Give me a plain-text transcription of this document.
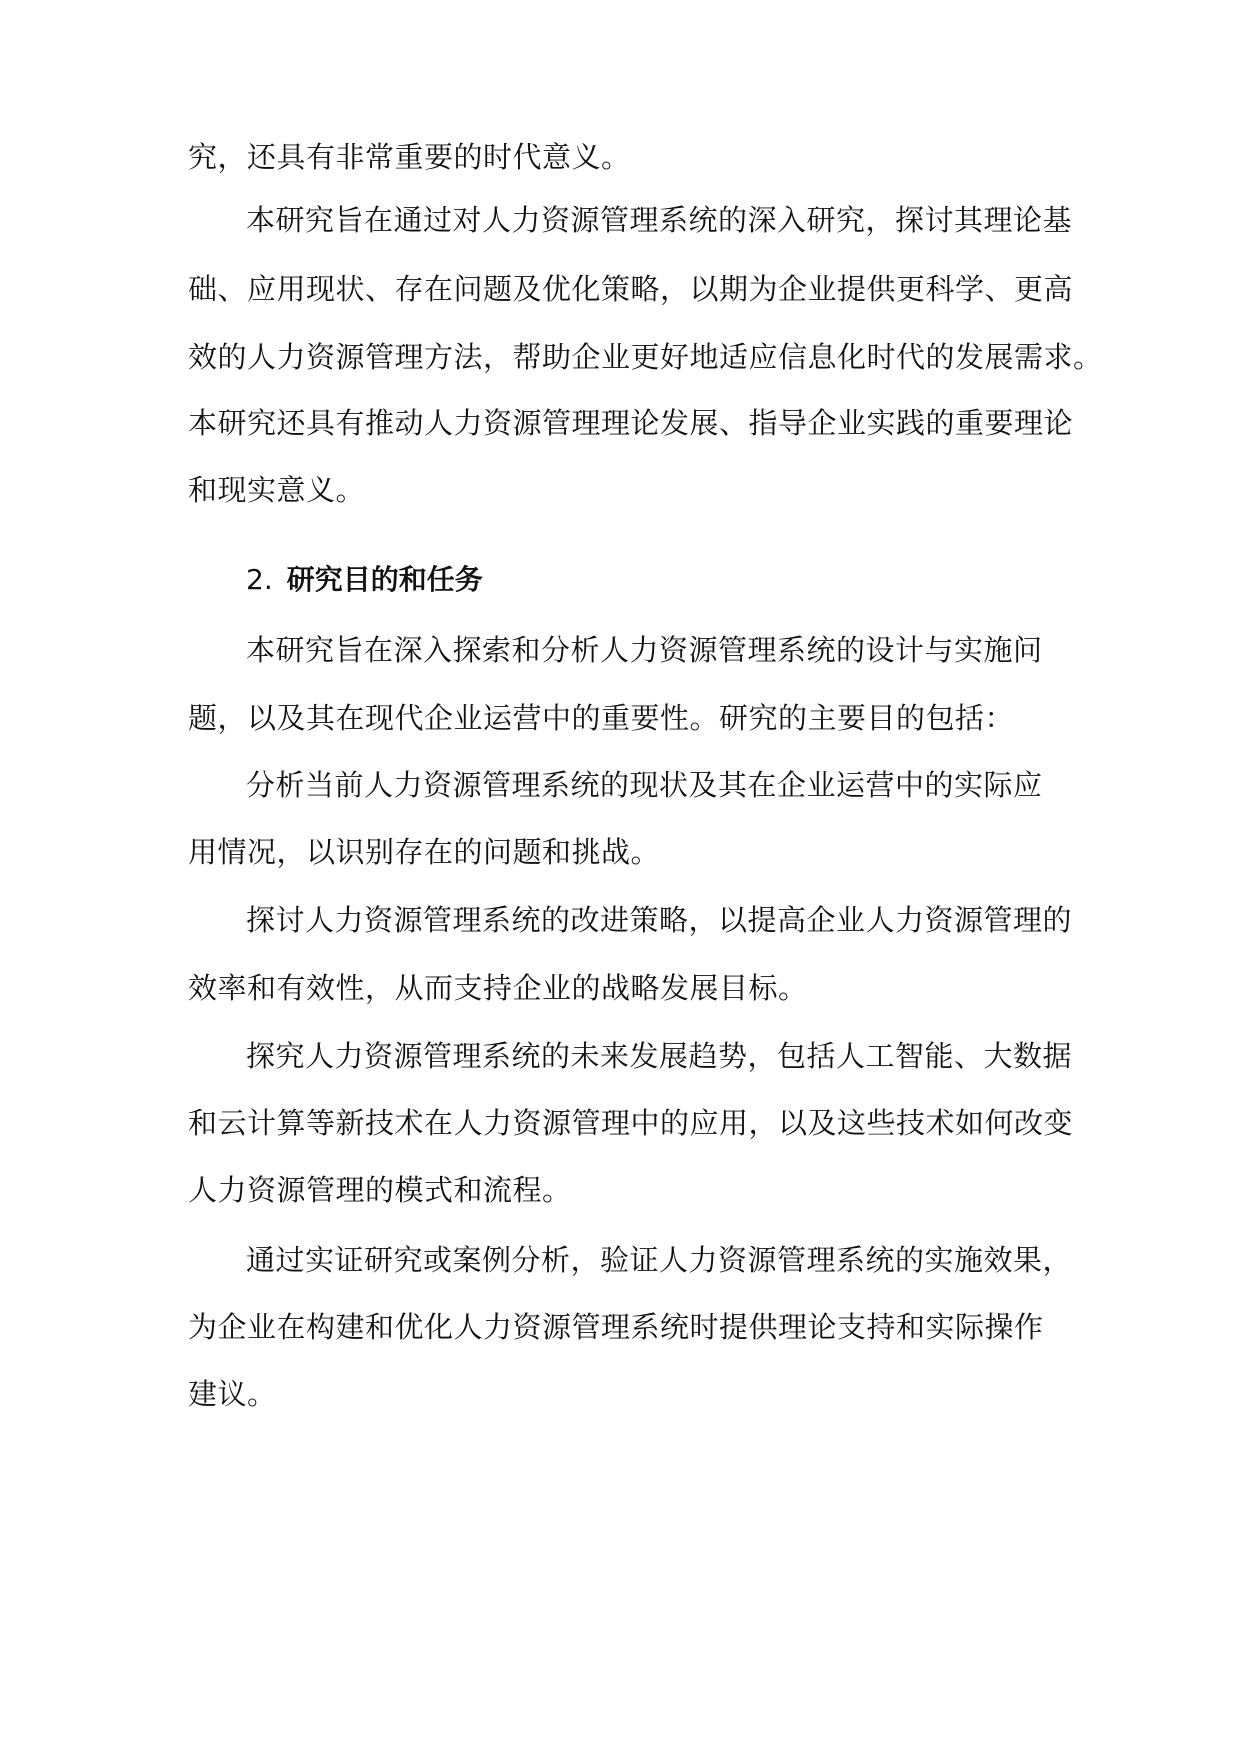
究，还具有非常重要的时代意义。
本研究旨在通过对人力资源管理系统的深入研究，探讨其理论基
础、应用现状、存在问题及优化策略，以期为企业提供更科学、更高
效的人力资源管理方法，帮助企业更好地适应信息化时代的发展需求。
本研究还具有推动人力资源管理理论发展、指导企业实践的重要理论
和现实意义。
2. 研究目的和任务
本研究旨在深入探索和分析人力资源管理系统的设计与实施问
题，以及其在现代企业运营中的重要性。研究的主要目的包括：
分析当前人力资源管理系统的现状及其在企业运营中的实际应
用情况，以识别存在的问题和挑战。
探讨人力资源管理系统的改进策略，以提高企业人力资源管理的
效率和有效性，从而支持企业的战略发展目标。
探究人力资源管理系统的未来发展趋势，包括人工智能、大数据
和云计算等新技术在人力资源管理中的应用，以及这些技术如何改变
人力资源管理的模式和流程。
通过实证研究或案例分析，验证人力资源管理系统的实施效果，
为企业在构建和优化人力资源管理系统时提供理论支持和实际操作
建议。
